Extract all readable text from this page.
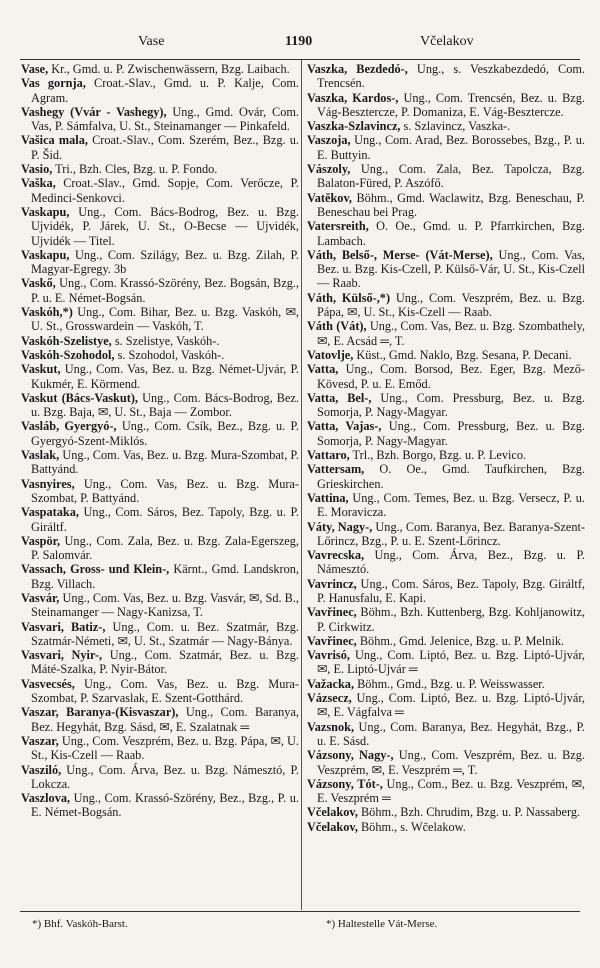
Vase	1190	Včelakov

Vase, Kr., Gmd. u. P. Zwischenwässern, Bzg. Laibach.

Vas gornja, Croat.-Slav., Gmd. u. P. Kalje, Com. Agram.

Vashegy (Vvár - Vashegy), Ung., Gmd. Ovár, Com. Vas, P. Sámfalva, U. St., Steinamanger — Pinkafeld.

Vašica mala, Croat.-Slav., Com. Szerém, Bez., Bzg. u. P. Šid.

Vasio, Tri., Bzh. Cles, Bzg. u. P. Fondo.

Vaška, Croat.-Slav., Gmd. Sopje, Com. Verőcze, P. Medinci-Senkovci.

Vaskapu, Ung., Com. Bács-Bodrog, Bez. u. Bzg. Ujvidék, P. Járek, U. St., O-Becse — Ujvidék, Ujvidék — Titel.

Vaskapu, Ung., Com. Szilágy, Bez. u. Bzg. Zilah, P. Magyar-Egregy. 3b

Vaskő, Ung., Com. Krassó-Szörény, Bez. Bogsán, Bzg., P. u. E. Német-Bogsán.

Vaskóh,*) Ung., Com. Bihar, Bez. u. Bzg. Vaskóh, ✉, U. St., Grosswardein — Vaskóh, T.

Vaskóh-Szelistye, s. Szelistye, Vaskóh-.

Vaskóh-Szohodol, s. Szohodol, Vaskóh-.

Vaskut, Ung., Com. Vas, Bez. u. Bzg. Német-Ujvár, P. Kukmér, E. Körmend.

Vaskut (Bács-Vaskut), Ung., Com. Bács-Bodrog, Bez. u. Bzg. Baja, ✉, U. St., Baja — Zombor.

Vasláb, Gyergyó-, Ung., Com. Csík, Bez., Bzg. u. P. Gyergyó-Szent-Miklós.

Vaslak, Ung., Com. Vas, Bez. u. Bzg. Mura-Szombat, P. Battyánd.

Vasnyires, Ung., Com. Vas, Bez. u. Bzg. Mura-Szombat, P. Battyánd.

Vaspataka, Ung., Com. Sáros, Bez. Tapoly, Bzg. u. P. Giráltf.

Vaspör, Ung., Com. Zala, Bez. u. Bzg. Zala-Egerszeg, P. Salomvár.

Vassach, Gross- und Klein-, Kärnt., Gmd. Landskron, Bzg. Villach.

Vasvár, Ung., Com. Vas, Bez. u. Bzg. Vasvár, ✉, Sd. B., Steinamanger — Nagy-Kanizsa, T.

Vasvari, Batiz-, Ung., Com. u. Bez. Szatmár, Bzg. Szatmár-Németi, ✉, U. St., Szatmár — Nagy-Bánya.

Vasvari, Nyir-, Ung., Com. Szatmár, Bez. u. Bzg. Máté-Szalka, P. Nyir-Bátor.

Vasvecsés, Ung., Com. Vas, Bez. u. Bzg. Mura-Szombat, P. Szarvaslak, E. Szent-Gotthárd.

Vaszar, Baranya-(Kisvaszar), Ung., Com. Baranya, Bez. Hegyhát, Bzg. Sásd, ✉, E. Szalatnak ═

Vaszar, Ung., Com. Veszprém, Bez. u. Bzg. Pápa, ✉, U. St., Kis-Czell — Raab.

Vasziló, Ung., Com. Árva, Bez. u. Bzg. Námesztó, P. Lokcza.

Vaszlova, Ung., Com. Krassó-Szörény, Bez., Bzg., P. u. E. Német-Bogsán.

Vaszka, Bezdedó-, Ung., s. Veszkabezdedó, Com. Trencsén.

Vaszka, Kardos-, Ung., Com. Trencsén, Bez. u. Bzg. Vág-Besztercze, P. Domaniza, E. Vág-Besztercze.

Vaszka-Szlavincz, s. Szlavincz, Vaszka-.

Vaszoja, Ung., Com. Arad, Bez. Borossebes, Bzg., P. u. E. Buttyin.

Vászoly, Ung., Com. Zala, Bez. Tapolcza, Bzg. Balaton-Füred, P. Aszófő.

Vatěkov, Böhm., Gmd. Waclawitz, Bzg. Beneschau, P. Beneschau bei Prag.

Vatersreith, O. Oe., Gmd. u. P. Pfarrkirchen, Bzg. Lambach.

Váth, Belső-, Merse- (Vát-Merse), Ung., Com. Vas, Bez. u. Bzg. Kis-Czell, P. Külső-Vár, U. St., Kis-Czell — Raab.

Váth, Külső-,*) Ung., Com. Veszprém, Bez. u. Bzg. Pápa, ✉, U. St., Kis-Czell — Raab.

Váth (Vát), Ung., Com. Vas, Bez. u. Bzg. Szombathely, ✉, E. Acsád ═, T.

Vatovlje, Küst., Gmd. Naklo, Bzg. Sesana, P. Decani.

Vatta, Ung., Com. Borsod, Bez. Eger, Bzg. Mező-Kövesd, P. u. E. Emőd.

Vatta, Bel-, Ung., Com. Pressburg, Bez. u. Bzg. Somorja, P. Nagy-Magyar.

Vatta, Vajas-, Ung., Com. Pressburg, Bez. u. Bzg. Somorja, P. Nagy-Magyar.

Vattaro, Trl., Bzh. Borgo, Bzg. u. P. Levico.

Vattersam, O. Oe., Gmd. Taufkirchen, Bzg. Grieskirchen.

Vattina, Ung., Com. Temes, Bez. u. Bzg. Versecz, P. u. E. Moravicza.

Váty, Nagy-, Ung., Com. Baranya, Bez. Baranya-Szent-Lőrincz, Bzg., P. u. E. Szent-Lőrincz.

Vavrecska, Ung., Com. Árva, Bez., Bzg. u. P. Námesztó.

Vavrincz, Ung., Com. Sáros, Bez. Tapoly, Bzg. Giráltf, P. Hanusfalu, E. Kapi.

Vavřinec, Böhm., Bzh. Kuttenberg, Bzg. Kohljanowitz, P. Cirkwitz.

Vavřinec, Böhm., Gmd. Jelenice, Bzg. u. P. Melnik.

Vavrisó, Ung., Com. Liptó, Bez. u. Bzg. Liptó-Ujvár, ✉, E. Liptó-Ujvár ═

Važacka, Böhm., Gmd., Bzg. u. P. Weisswasser.

Vázsecz, Ung., Com. Liptó, Bez. u. Bzg. Liptó-Ujvár, ✉, E. Vágfalva ═

Vazsnok, Ung., Com. Baranya, Bez. Hegyhát, Bzg., P. u. E. Sásd.

Vázsony, Nagy-, Ung., Com. Veszprém, Bez. u. Bzg. Veszprém, ✉, E. Veszprém ═, T.

Vázsony, Tót-, Ung., Com., Bez. u. Bzg. Veszprém, ✉, E. Veszprém ═

Včelakov, Böhm., Bzh. Chrudim, Bzg. u. P. Nassaberg.

Včelakov, Böhm., s. Wčelakow.

*) Bhf. Vaskóh-Barst.	*) Haltestelle Vát-Merse.
